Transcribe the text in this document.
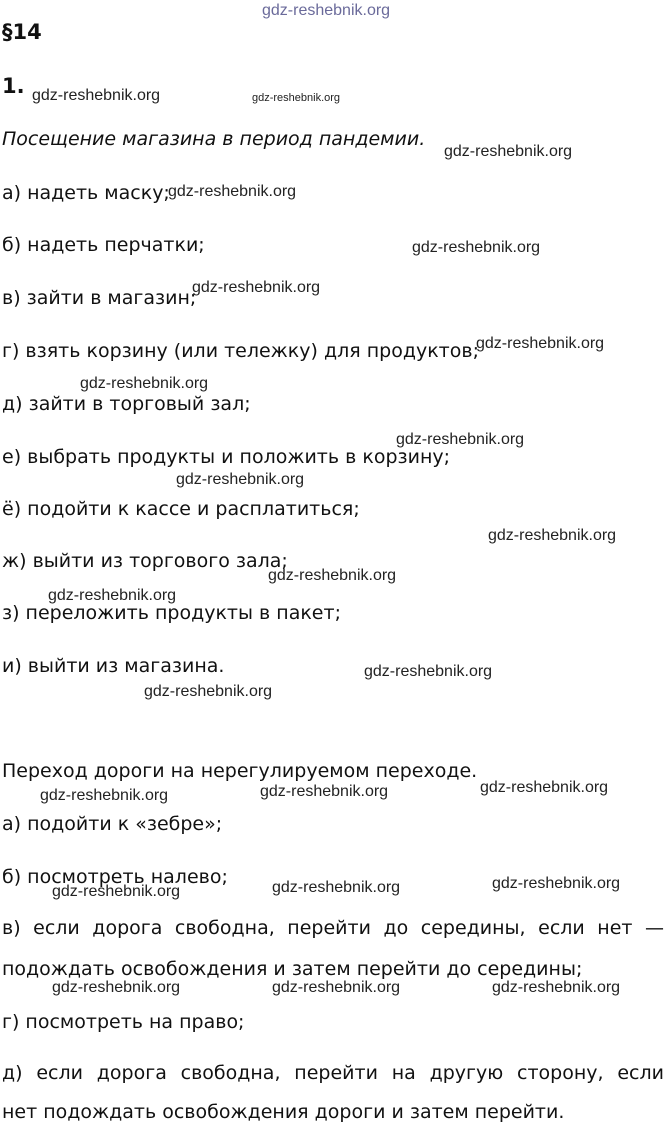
gdz-reshebnik.org
§14
1.
Посещение магазина в период пандемии.
а) надеть маску;
б) надеть перчатки;
в) зайти в магазин;
г) взять корзину (или тележку) для продуктов;
д) зайти в торговый зал;
е) выбрать продукты и положить в корзину;
ё) подойти к кассе и расплатиться;
ж) выйти из торгового зала;
з) переложить продукты в пакет;
и) выйти из магазина.
Переход дороги на нерегулируемом переходе.
а) подойти к «зебре»;
б) посмотреть налево;
в) если дорога свободна, перейти до середины, если нет —
подождать освобождения и затем перейти до середины;
г) посмотреть на право;
д) если дорога свободна, перейти на другую сторону, если
нет подождать освобождения дороги и затем перейти.
gdz-reshebnik.org	gdz-reshebnik.org
gdz-reshebnik.org
gdz-reshebnik.org
gdz-reshebnik.org
gdz-reshebnik.org
gdz-reshebnik.org
gdz-reshebnik.org
gdz-reshebnik.org
gdz-reshebnik.org
gdz-reshebnik.org
gdz-reshebnik.org
gdz-reshebnik.org
gdz-reshebnik.org
gdz-reshebnik.org
gdz-reshebnik.org
gdz-reshebnik.org
gdz-reshebnik.org
gdz-reshebnik.org
gdz-reshebnik.org
gdz-reshebnik.org
gdz-reshebnik.org	gdz-reshebnik.org	gdz-reshebnik.org
